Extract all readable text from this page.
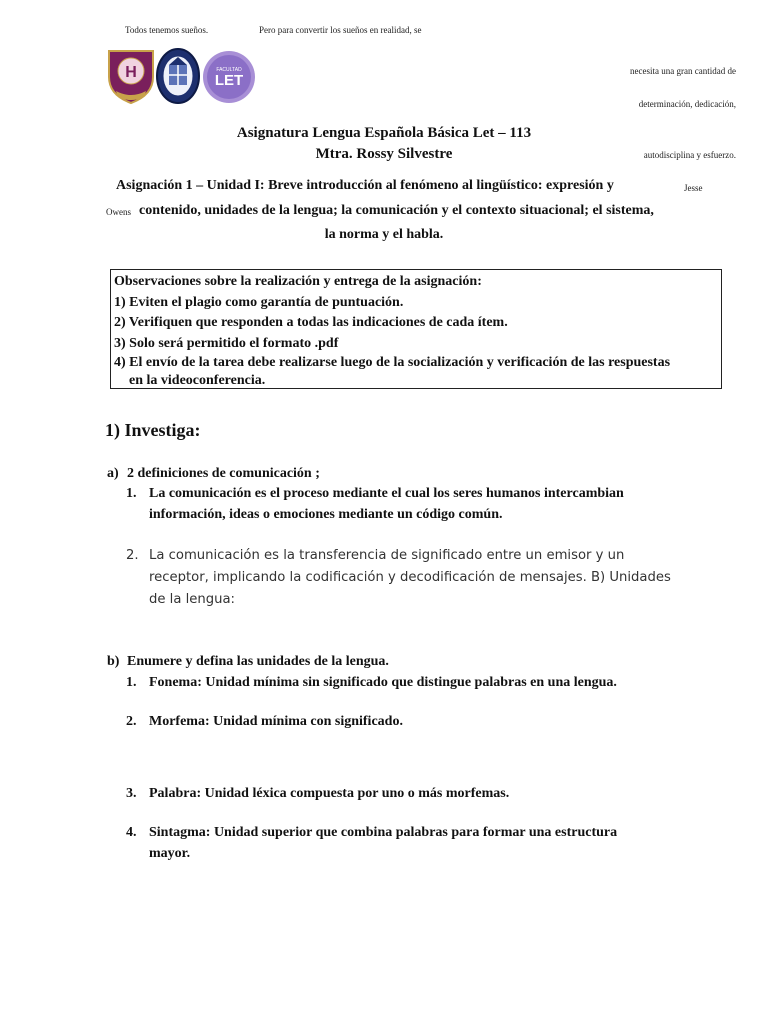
Todos tenemos sueños.	Pero para convertir los sueños en realidad, se
necesita una gran cantidad de
determinación, dedicación,
autodisciplina y esfuerzo.
Jesse
Owens
H	FACULTAD
LET
Asignatura Lengua Española Básica Let – 113
Mtra. Rossy Silvestre
Asignación 1 – Unidad I: Breve introducción al fenómeno al lingüístico: expresión y
contenido, unidades de la lengua; la comunicación y el contexto situacional; el sistema,
la norma y el habla.
Observaciones sobre la realización y entrega de la asignación:
1) Eviten el plagio como garantía de puntuación.
2) Verifiquen que responden a todas las indicaciones de cada ítem.
3) Solo será permitido el formato .pdf
4) El envío de la tarea debe realizarse luego de la socialización y verificación de las respuestas
en la videoconferencia.
1) Investiga:
a) 2 definiciones de comunicación ;
1. La comunicación es el proceso mediante el cual los seres humanos intercambian
información, ideas o emociones mediante un código común.
2. La comunicación es la transferencia de significado entre un emisor y un
receptor, implicando la codificación y decodificación de mensajes. B) Unidades
de la lengua:
b) Enumere y defina las unidades de la lengua.
1. Fonema: Unidad mínima sin significado que distingue palabras en una lengua.
2. Morfema: Unidad mínima con significado.
3. Palabra: Unidad léxica compuesta por uno o más morfemas.
4. Sintagma: Unidad superior que combina palabras para formar una estructura
mayor.
